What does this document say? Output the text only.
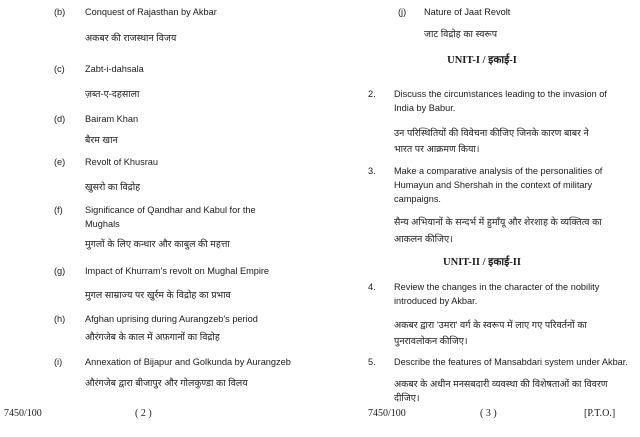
(b)	Conquest of Rajasthan by Akbar
अकबर की राजस्थान विजय
(c)	Zabt-i-dahsala
ज़ब्त-ए-दहसाला
(d)	Bairam Khan
बैरम खान
(e)	Revolt of Khusrau
खुसरो का विद्रोह
(f)	Significance of Qandhar and Kabul for the
Mughals
मुगलों के लिए कन्धार और काबुल की महत्ता
(g)	Impact of Khurram's revolt on Mughal Empire
मुगल साम्राज्य पर खुर्रम के विद्रोह का प्रभाव
(h)	Afghan uprising during Aurangzeb's period
औरंगजेब के काल में अफ़गानों का विद्रोह
(i)	Annexation of Bijapur and Golkunda by Aurangzeb
औरंगजेब द्वारा बीजापुर और गोलकुण्डा का विलय
7450/100	( 2 )
(j)	Nature of Jaat Revolt
जाट विद्रोह का स्वरूप
UNIT-I / इकाई-I
2.	Discuss the circumstances leading to the invasion of
India by Babur.
उन परिस्थितियों की विवेचना कीजिए जिनके कारण बाबर ने
भारत पर आक्रमण किया।
3.	Make a comparative analysis of the personalities of
Humayun and Shershah in the context of military
campaigns.
सैन्य अभियानों के सन्दर्भ में हुमाँयू और शेरशाह के व्यक्तित्व का
आकलन कीजिए।
UNIT-II / इकाई-II
4.	Review the changes in the character of the nobility
introduced by Akbar.
अकबर द्वारा 'उमरा' वर्ग के स्वरूप में लाए गए परिवर्तनों का
पुनरावलोकन कीजिए।
5.	Describe the features of Mansabdari system under Akbar.
अकबर के अधीन मनसबदारी व्यवस्था की विशेषताओं का विवरण
दीजिए।
7450/100	( 3 )	[P.T.O.]
